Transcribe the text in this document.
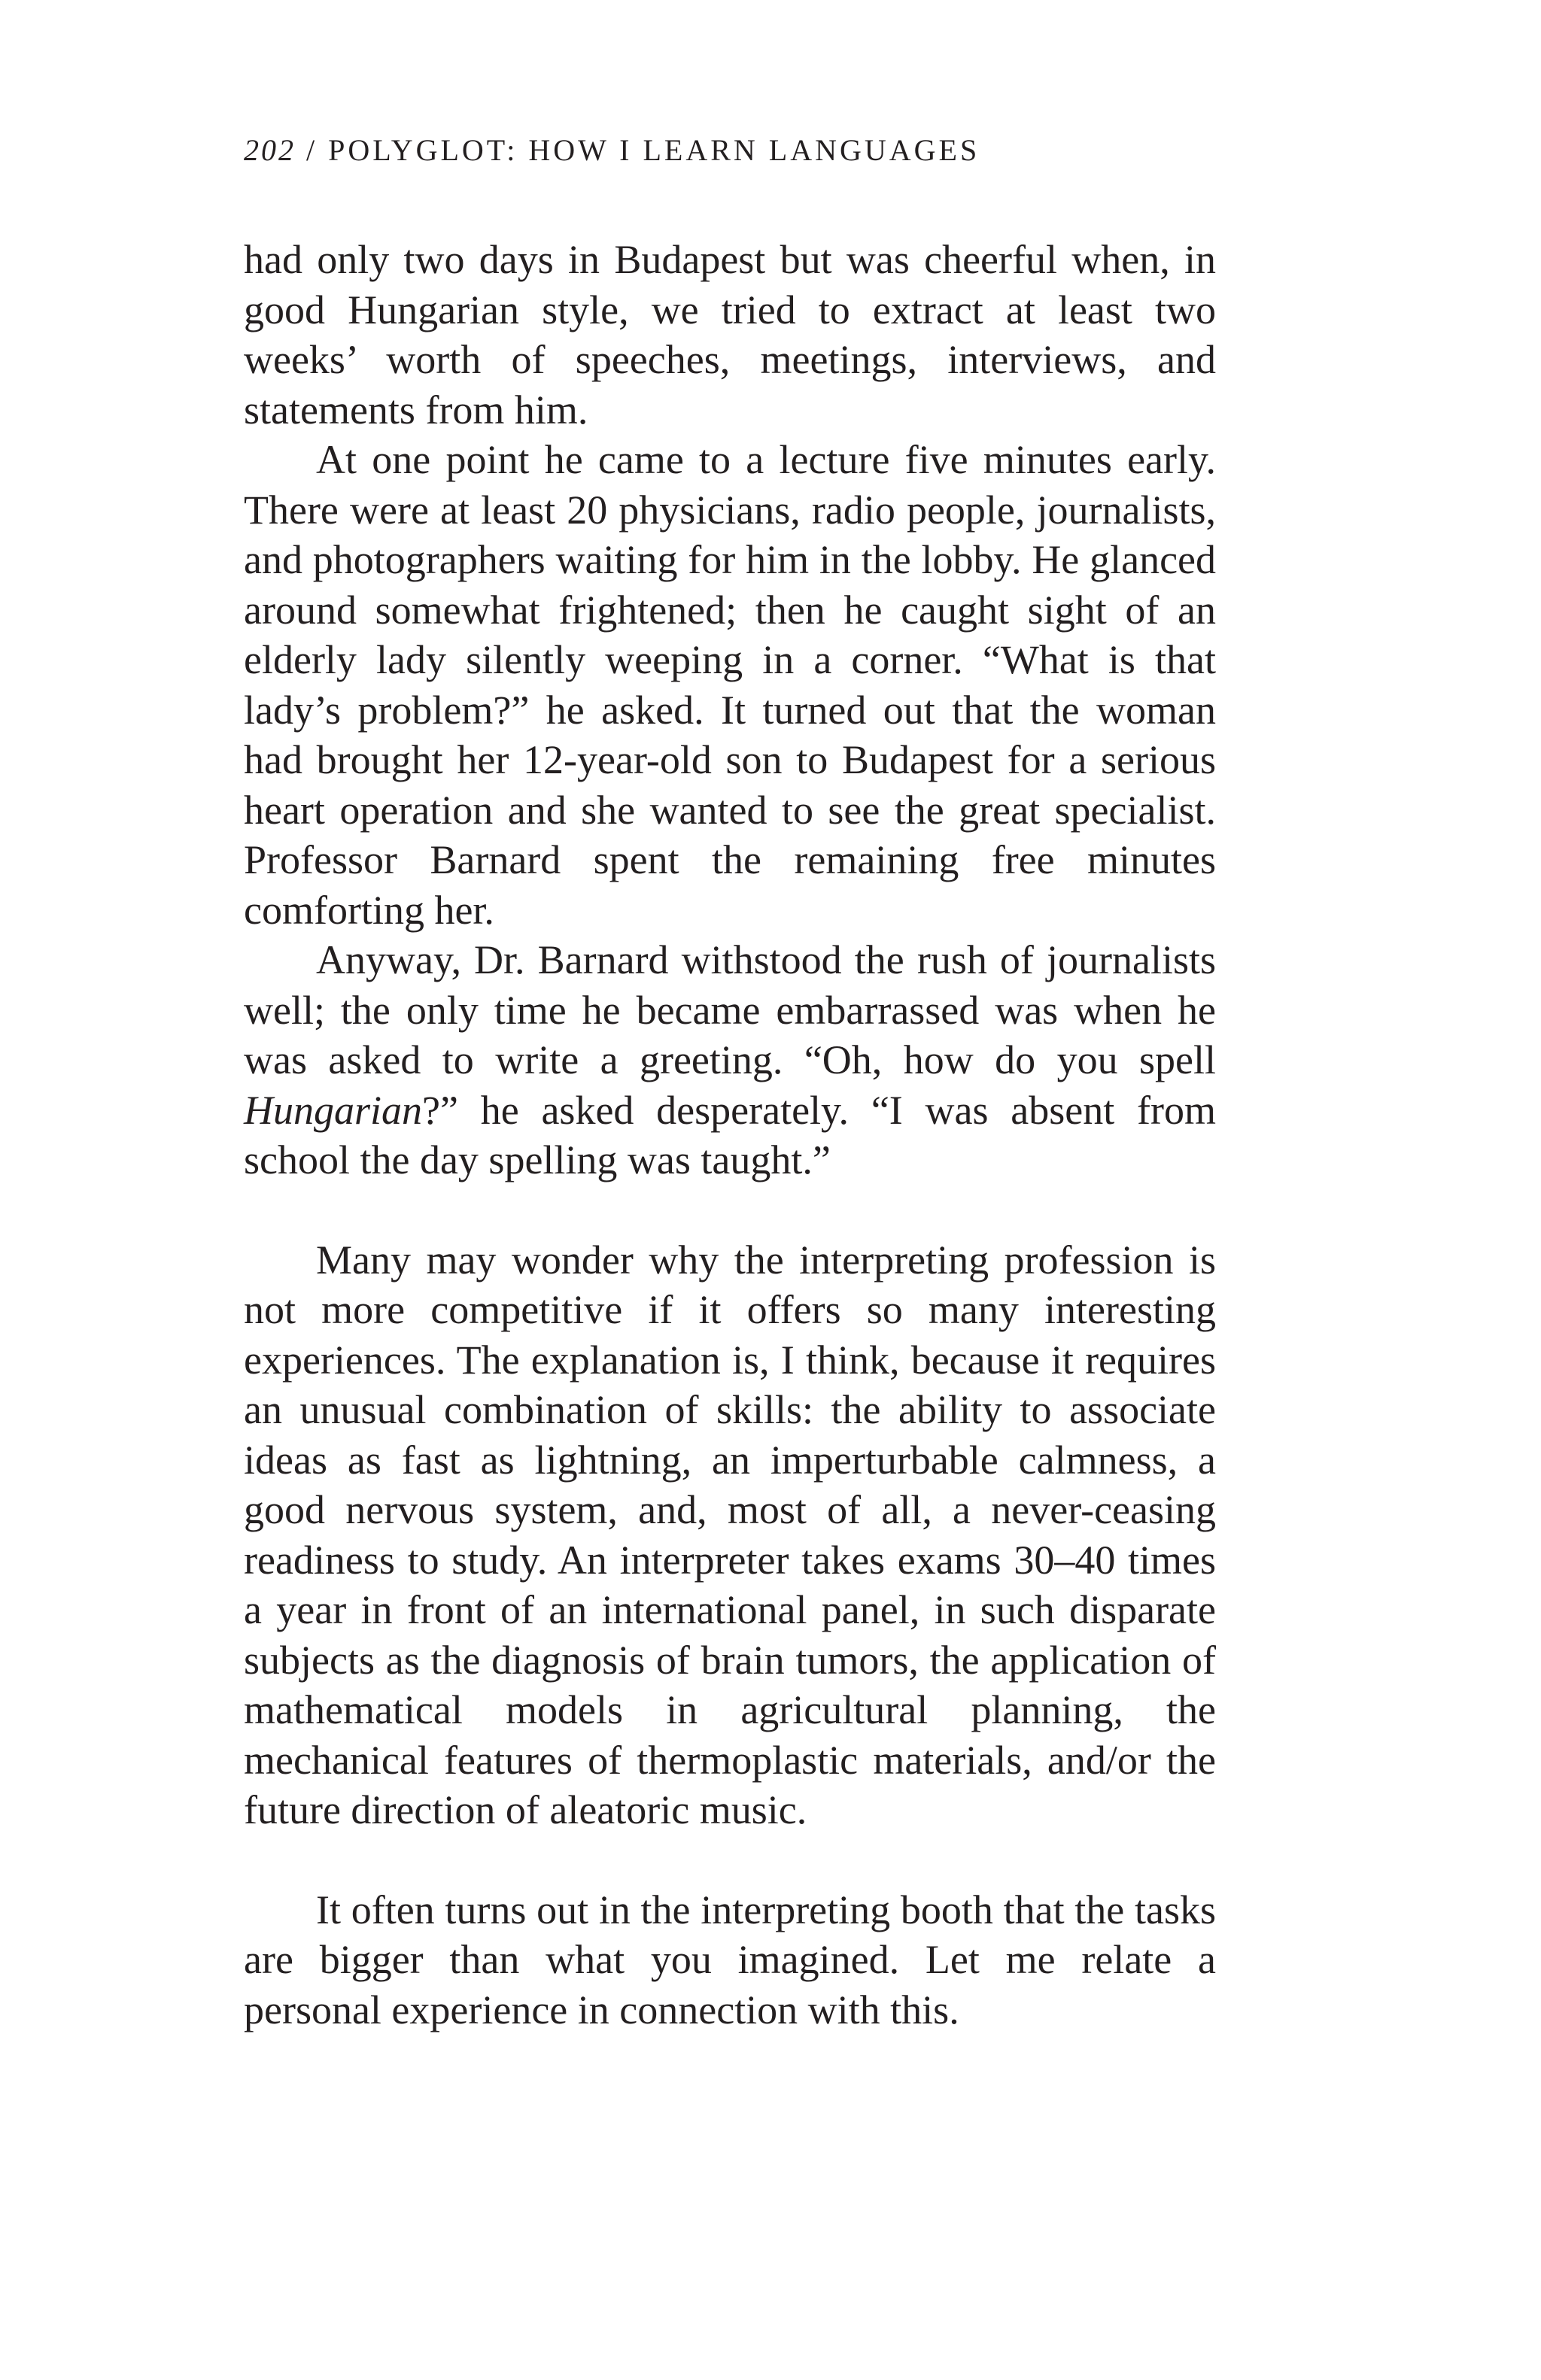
202 / POLYGLOT: HOW I LEARN LANGUAGES

had only two days in Budapest but was cheerful when, in good Hungarian style, we tried to extract at least two weeks’ worth of speeches, meetings, interviews, and statements from him.

At one point he came to a lecture five minutes early. There were at least 20 physicians, radio people, journalists, and photographers waiting for him in the lobby. He glanced around somewhat frightened; then he caught sight of an elderly lady silently weeping in a corner. “What is that lady’s problem?” he asked. It turned out that the woman had brought her 12-year-old son to Budapest for a serious heart operation and she wanted to see the great specialist. Professor Barnard spent the remaining free minutes comforting her.

Anyway, Dr. Barnard withstood the rush of journalists well; the only time he became embarrassed was when he was asked to write a greeting. “Oh, how do you spell Hungarian?” he asked desperately. “I was absent from school the day spelling was taught.”

Many may wonder why the interpreting profession is not more competitive if it offers so many interesting experiences. The explanation is, I think, because it requires an unusual combination of skills: the ability to associate ideas as fast as lightning, an imperturbable calmness, a good nervous system, and, most of all, a never-ceasing readiness to study. An interpreter takes exams 30–40 times a year in front of an international panel, in such disparate subjects as the diagnosis of brain tumors, the application of mathematical models in agricultural planning, the mechanical features of thermoplastic materials, and/or the future direction of aleatoric music.

It often turns out in the interpreting booth that the tasks are bigger than what you imagined. Let me relate a personal experience in connection with this.
